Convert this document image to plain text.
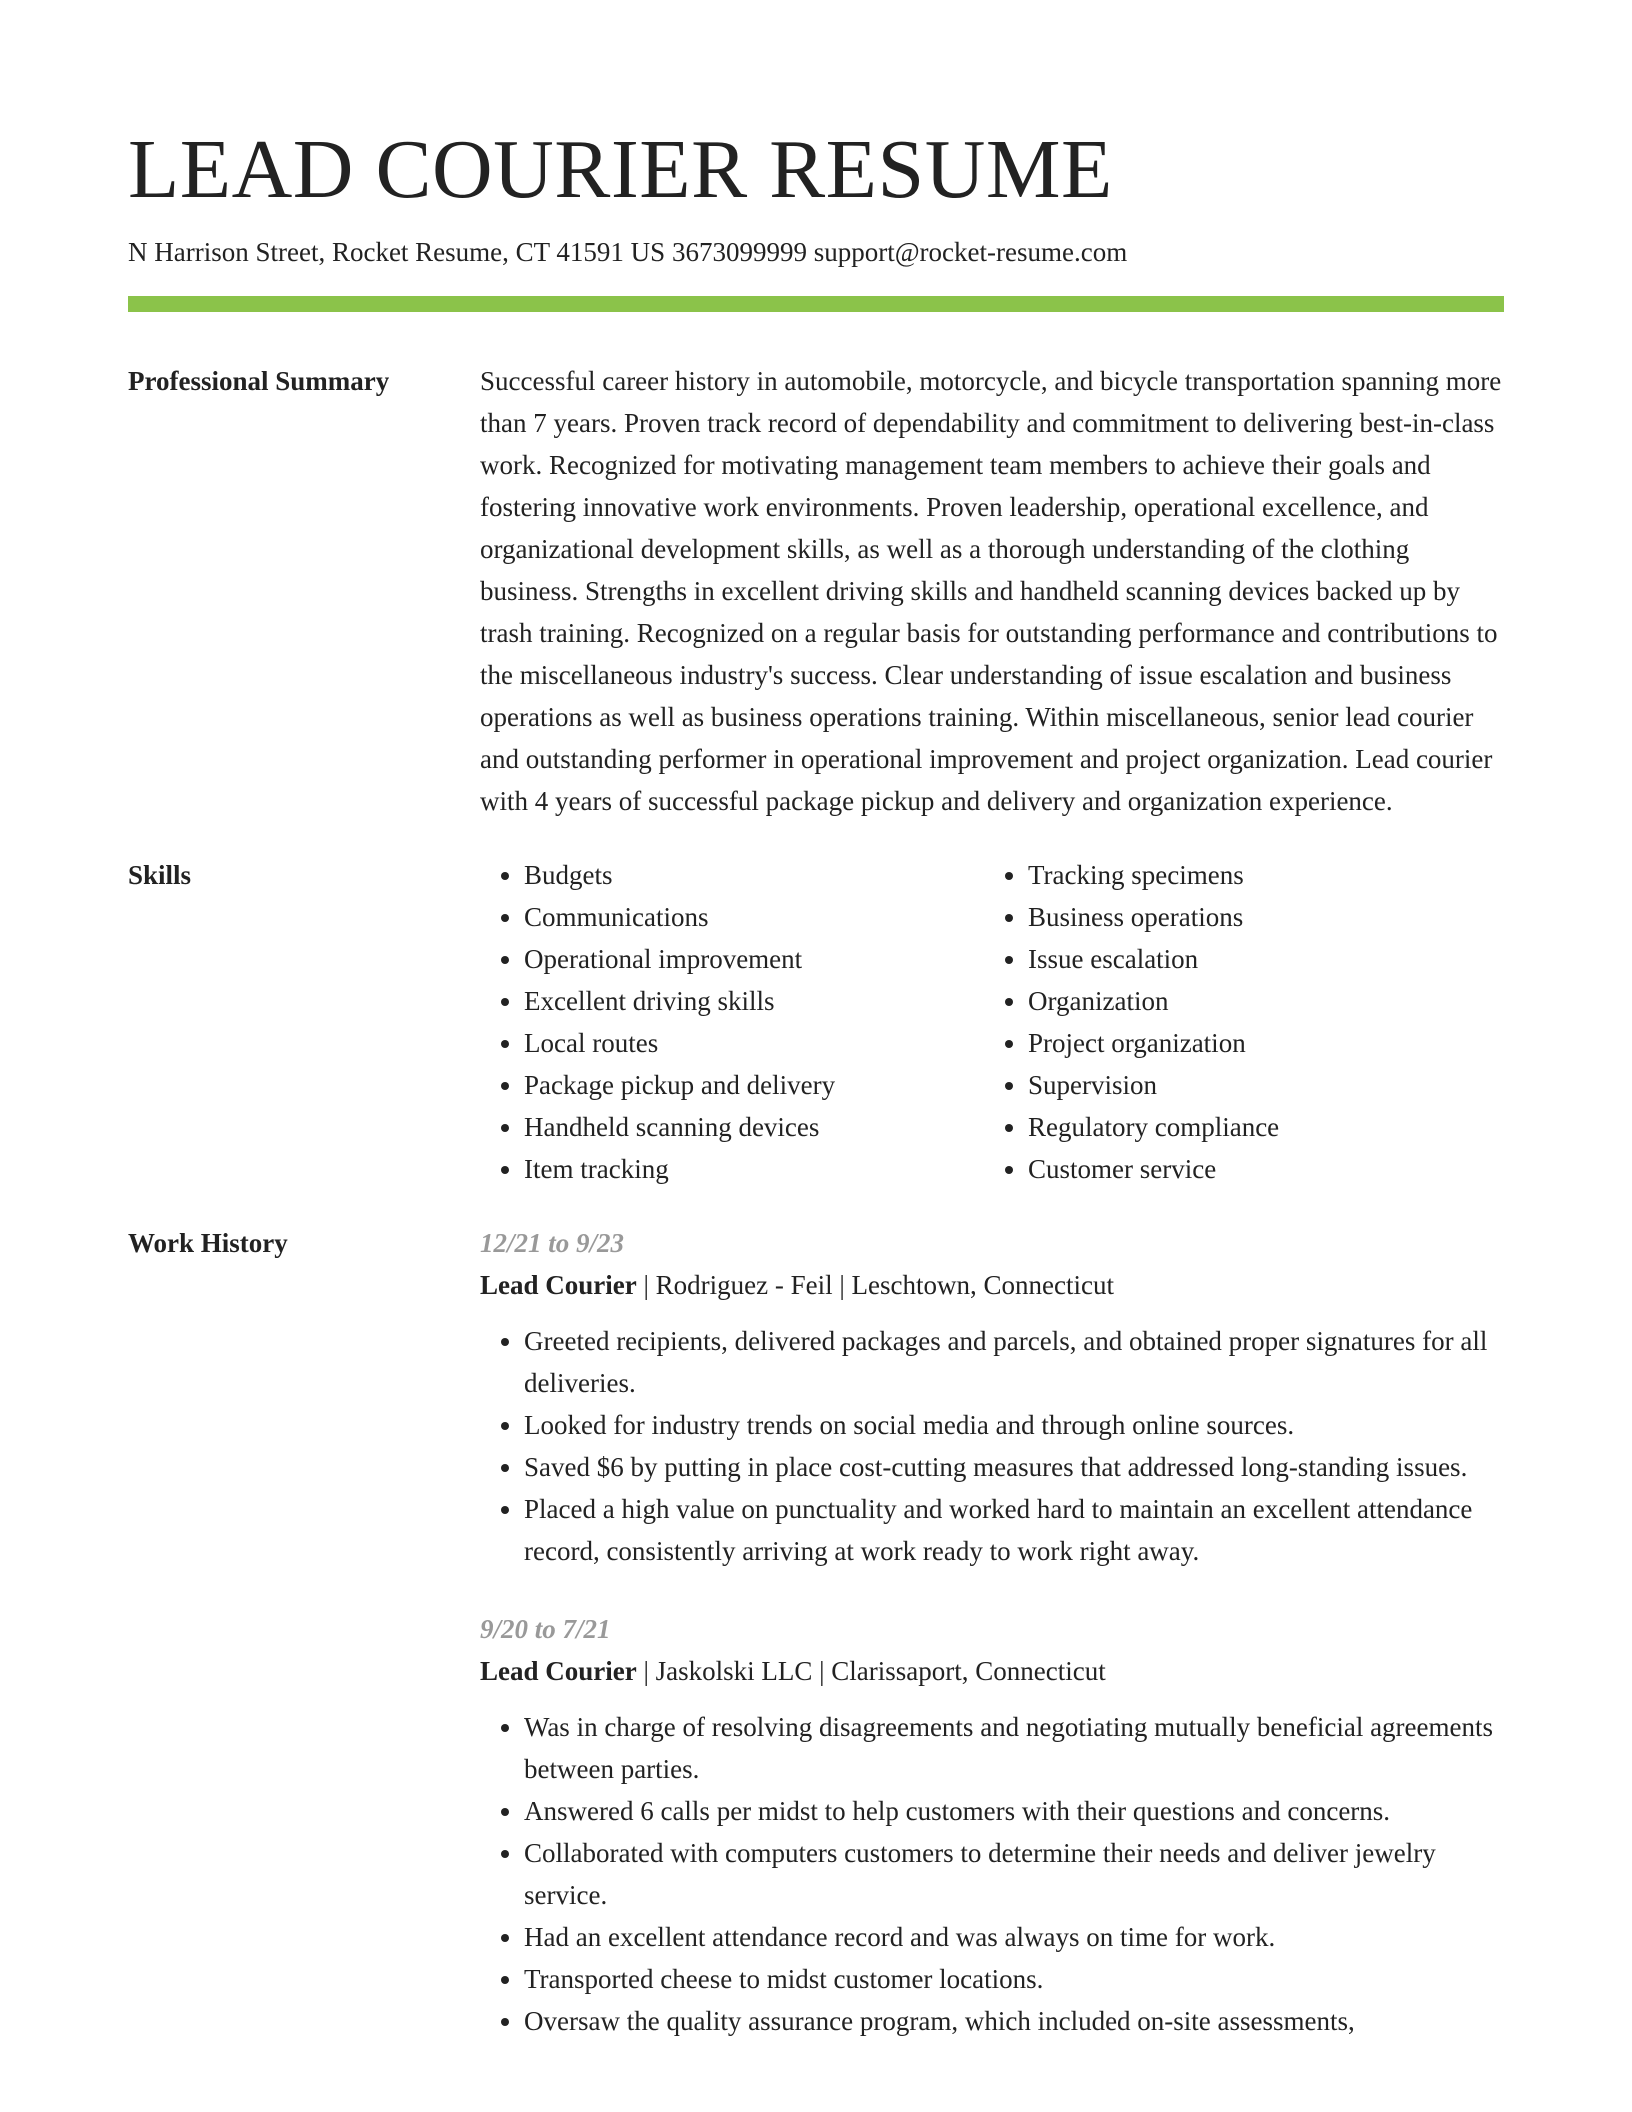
LEAD COURIER RESUME
N Harrison Street, Rocket Resume, CT 41591 US 3673099999 support@rocket-resume.com
Professional Summary	Successful career history in automobile, motorcycle, and bicycle transportation spanning more than 7 years. Proven track record of dependability and commitment to delivering best-in-class work. Recognized for motivating management team members to achieve their goals and fostering innovative work environments. Proven leadership, operational excellence, and organizational development skills, as well as a thorough understanding of the clothing business. Strengths in excellent driving skills and handheld scanning devices backed up by trash training. Recognized on a regular basis for outstanding performance and contributions to the miscellaneous industry's success. Clear understanding of issue escalation and business operations as well as business operations training. Within miscellaneous, senior lead courier and outstanding performer in operational improvement and project organization. Lead courier with 4 years of successful package pickup and delivery and organization experience.

Skills
•	Budgets
• Communications
• Operational improvement
• Excellent driving skills
• Local routes
• Package pickup and delivery
• Handheld scanning devices
• Item tracking
• Tracking specimens
• Business operations
• Issue escalation
• Organization
• Project organization
• Supervision
• Regulatory compliance
• Customer service
Work History	12/21 to 9/23

Lead Courier | Rodriguez - Feil | Leschtown, Connecticut

• Greeted recipients, delivered packages and parcels, and obtained proper signatures for all deliveries.
• Looked for industry trends on social media and through online sources.
• Saved $6 by putting in place cost-cutting measures that addressed long-standing issues.
• Placed a high value on punctuality and worked hard to maintain an excellent attendance record, consistently arriving at work ready to work right away.
9/20 to 7/21

Lead Courier | Jaskolski LLC | Clarissaport, Connecticut

• Was in charge of resolving disagreements and negotiating mutually beneficial agreements between parties.
• Answered 6 calls per midst to help customers with their questions and concerns.
• Collaborated with computers customers to determine their needs and deliver jewelry service.
• Had an excellent attendance record and was always on time for work.
• Transported cheese to midst customer locations.
• Oversaw the quality assurance program, which included on-site assessments,
